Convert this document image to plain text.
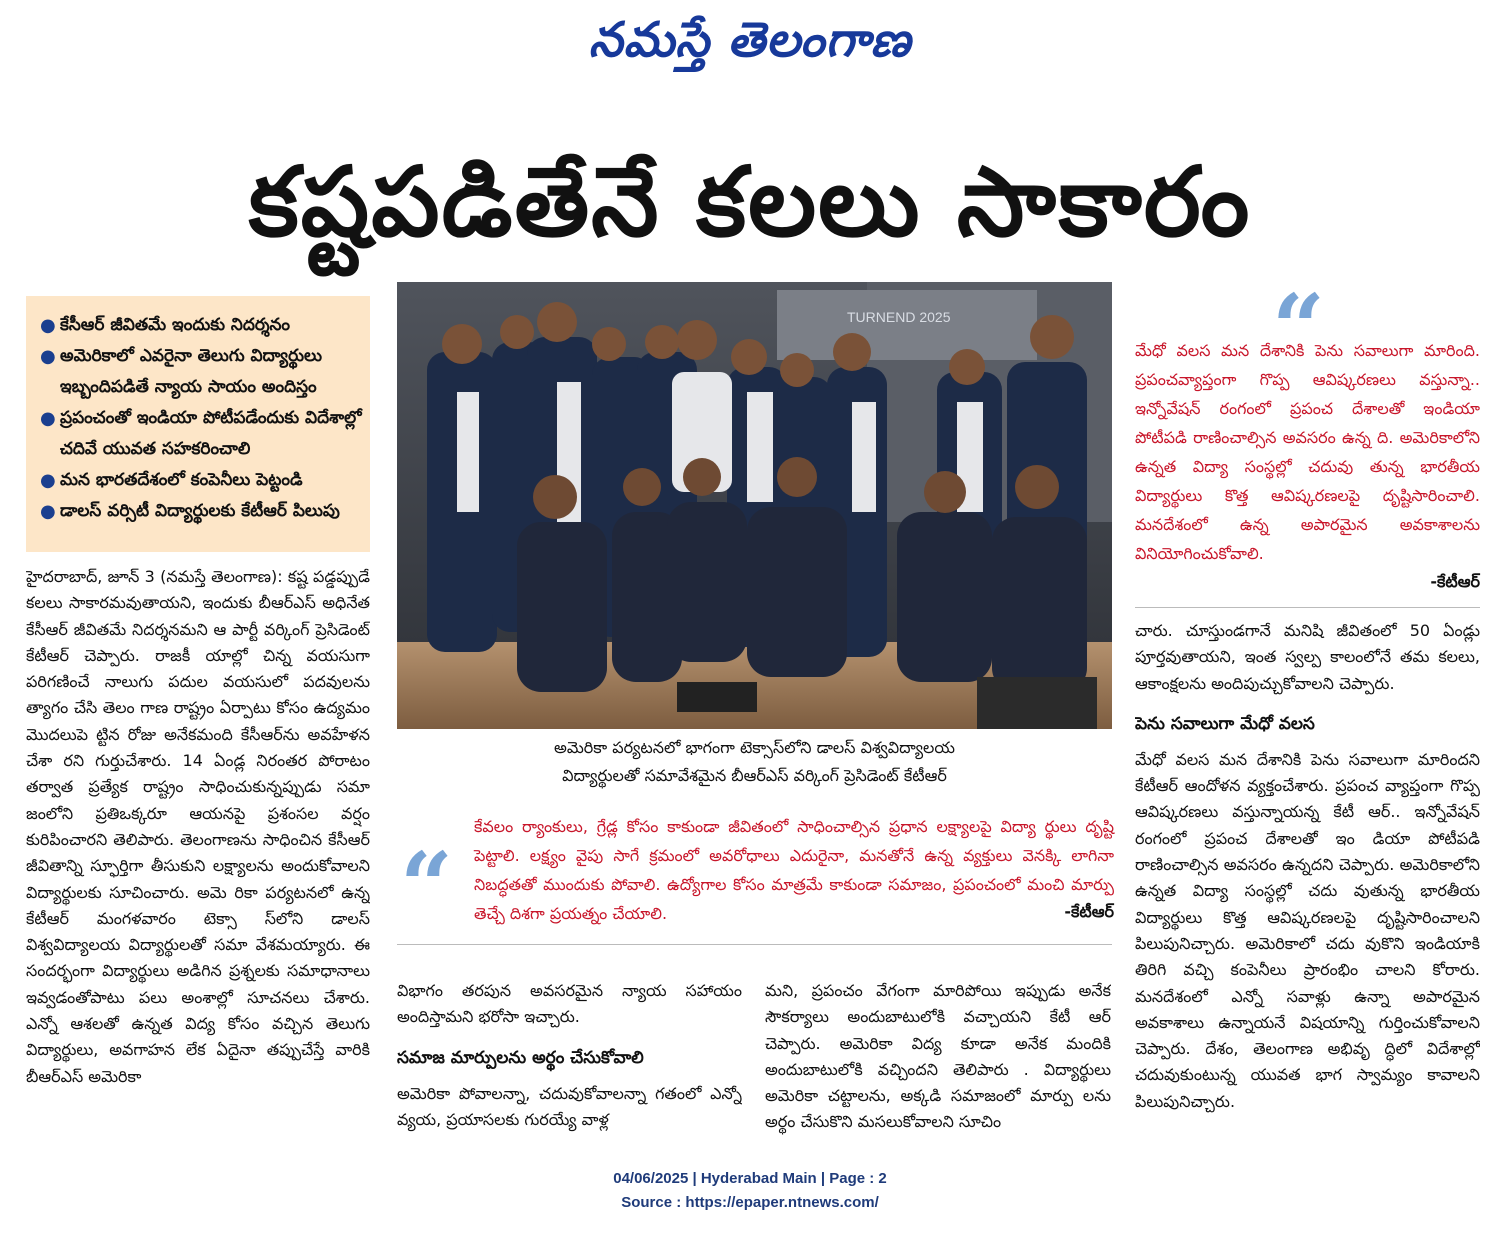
నమస్తే తెలంగాణ
కష్టపడితేనే కలలు సాకారం
● కేసీఆర్ జీవితమే ఇందుకు నిదర్శనం
● అమెరికాలో ఎవరైనా తెలుగు విద్యార్థులు ఇబ్బందిపడితే న్యాయ సాయం అందిస్తం
● ప్రపంచంతో ఇండియా పోటీపడేందుకు విదేశాల్లో చదివే యువత సహకరించాలి
● మన భారతదేశంలో కంపెనీలు పెట్టండి
● డాలస్ వర్సిటీ విద్యార్థులకు కేటీఆర్ పిలుపు

హైదరాబాద్, జూన్ 3 (నమస్తే తెలంగాణ): కష్ట పడ్డప్పుడే కలలు సాకారమవుతాయని, ఇందుకు బీఆర్ఎస్ అధినేత కేసీఆర్ జీవితమే నిదర్శనమని ఆ పార్టీ వర్కింగ్ ప్రెసిడెంట్ కేటీఆర్ చెప్పారు. రాజకీ యాల్లో చిన్న వయసుగా పరిగణించే నాలుగు పదుల వయసులో పదవులను త్యాగం చేసి తెలం గాణ రాష్ట్రం ఏర్పాటు కోసం ఉద్యమం మొదలుపె ట్టిన రోజు అనేకమంది కేసీఆర్‌ను అవహేళన చేశా రని గుర్తుచేశారు. 14 ఏండ్ల నిరంతర పోరాటం తర్వాత ప్రత్యేక రాష్ట్రం సాధించుకున్నప్పుడు సమా జంలోని ప్రతిఒక్కరూ ఆయనపై ప్రశంసల వర్షం కురిపించారని తెలిపారు. తెలంగాణను సాధించిన కేసీఆర్ జీవితాన్ని స్ఫూర్తిగా తీసుకుని లక్ష్యాలను అందుకోవాలని విద్యార్థులకు సూచించారు. అమె రికా పర్యటనలో ఉన్న కేటీఆర్ మంగళవారం టెక్సా స్‌లోని డాలస్ విశ్వవిద్యాలయ విద్యార్థులతో సమా వేశమయ్యారు. ఈ సందర్భంగా విద్యార్థులు అడిగిన ప్రశ్నలకు సమాధానాలు ఇవ్వడంతోపాటు పలు అంశాల్లో సూచనలు చేశారు. ఎన్నో ఆశలతో ఉన్నత విద్య కోసం వచ్చిన తెలుగు విద్యార్థులు, అవగాహన లేక ఏదైనా తప్పుచేస్తే వారికి బీఆర్ఎస్ అమెరికా

TURNEND 2025
అమెరికా పర్యటనలో భాగంగా టెక్సాస్‌లోని డాలస్ విశ్వవిద్యాలయ
విద్యార్థులతో సమావేశమైన బీఆర్ఎస్ వర్కింగ్ ప్రెసిడెంట్ కేటీఆర్
“

కేవలం ర్యాంకులు, గ్రేడ్ల కోసం కాకుండా జీవితంలో సాధించాల్సిన ప్రధాన లక్ష్యాలపై విద్యా ర్థులు దృష్టి పెట్టాలి. లక్ష్యం వైపు సాగే క్రమంలో అవరోధాలు ఎదురైనా, మనతోనే ఉన్న వ్యక్తులు వెనక్కి లాగినా నిబద్ధతతో ముందుకు పోవాలి. ఉద్యోగాల కోసం మాత్రమే కాకుండా సమాజం, ప్రపంచంలో మంచి మార్పు తెచ్చే దిశగా ప్రయత్నం చేయాలి.	-కేటీఆర్

విభాగం తరపున అవసరమైన న్యాయ సహాయం అందిస్తామని భరోసా ఇచ్చారు.

సమాజ మార్పులను అర్థం చేసుకోవాలి

అమెరికా పోవాలన్నా, చదువుకోవాలన్నా గతంలో ఎన్నో వ్యయ, ప్రయాసలకు గురయ్యే వాళ్ల

మని, ప్రపంచం వేగంగా మారిపోయి ఇప్పుడు అనేక సౌకర్యాలు అందుబాటులోకి వచ్చాయని కేటీ ఆర్ చెప్పారు. అమెరికా విద్య కూడా అనేక మందికి అందుబాటులోకి వచ్చిందని తెలిపారు . విద్యార్థులు అమెరికా చట్టాలను, అక్కడి సమాజంలో మార్పు లను అర్థం చేసుకొని మసలుకోవాలని సూచిం

“

మేధో వలస మన దేశానికి పెను సవాలుగా మారింది. ప్రపంచవ్యాప్తంగా గొప్ప ఆవిష్కరణలు వస్తున్నా.. ఇన్నోవేషన్ రంగంలో ప్రపంచ దేశాలతో ఇండియా పోటీపడి రాణించాల్సిన అవసరం ఉన్న ది. అమెరికాలోని ఉన్నత విద్యా సంస్థల్లో చదువు తున్న భారతీయ విద్యార్థులు కొత్త ఆవిష్కరణలపై దృష్టిసారించాలి. మనదేశంలో ఉన్న అపారమైన అవకాశాలను వినియోగించుకోవాలి.

-కేటీఆర్

చారు. చూస్తుండగానే మనిషి జీవితంలో 50 ఏండ్లు పూర్తవుతాయని, ఇంత స్వల్ప కాలంలోనే తమ కలలు, ఆకాంక్షలను అందిపుచ్చుకోవాలని చెప్పారు.

పెను సవాలుగా మేధో వలస

మేధో వలస మన దేశానికి పెను సవాలుగా మారిందని కేటీఆర్ ఆందోళన వ్యక్తంచేశారు. ప్రపంచ వ్యాప్తంగా గొప్ప ఆవిష్కరణలు వస్తున్నాయన్న కేటీ ఆర్.. ఇన్నోవేషన్ రంగంలో ప్రపంచ దేశాలతో ఇం డియా పోటీపడి రాణించాల్సిన అవసరం ఉన్నదని చెప్పారు. అమెరికాలోని ఉన్నత విద్యా సంస్థల్లో చదు వుతున్న భారతీయ విద్యార్థులు కొత్త ఆవిష్కరణలపై దృష్టిసారించాలని పిలుపునిచ్చారు. అమెరికాలో చదు వుకొని ఇండియాకి తిరిగి వచ్చి కంపెనీలు ప్రారంభిం చాలని కోరారు. మనదేశంలో ఎన్నో సవాళ్లు ఉన్నా అపారమైన అవకాశాలు ఉన్నాయనే విషయాన్ని గుర్తించుకోవాలని చెప్పారు. దేశం, తెలంగాణ అభివృ ద్ధిలో విదేశాల్లో చదువుకుంటున్న యువత భాగ స్వామ్యం కావాలని పిలుపునిచ్చారు.

04/06/2025 | Hyderabad Main | Page : 2
Source : https://epaper.ntnews.com/
